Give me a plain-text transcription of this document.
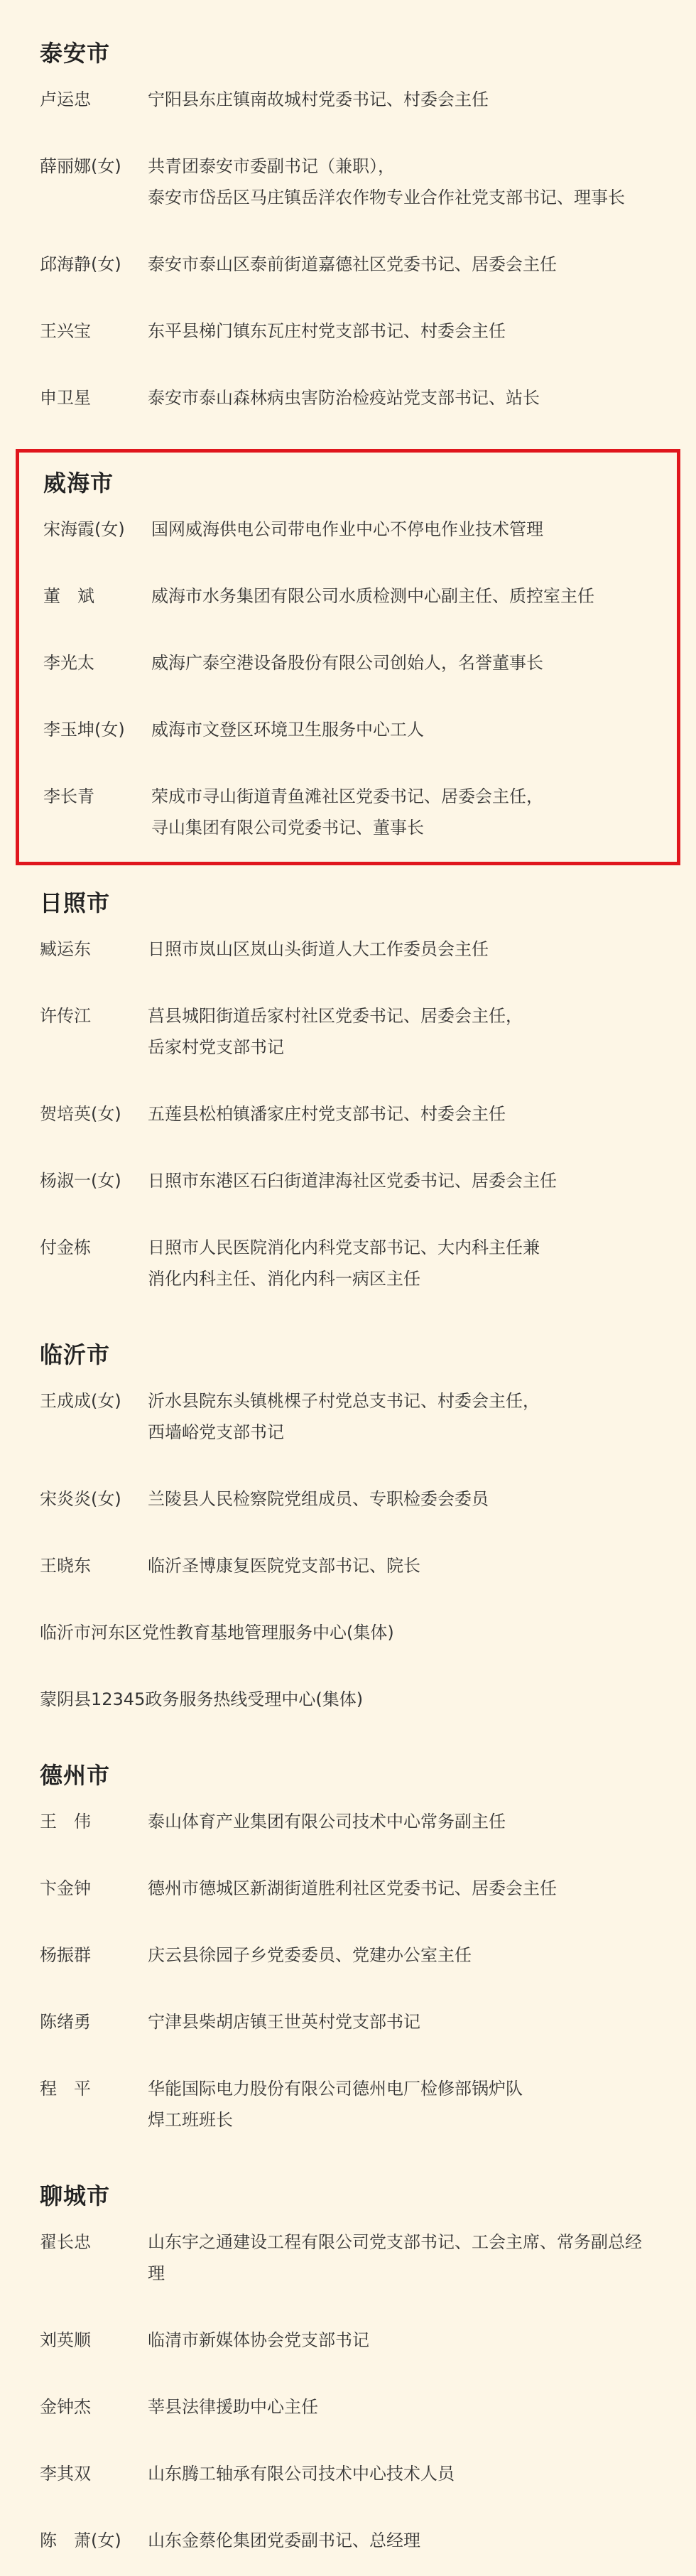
泰安市
卢运忠	宁阳县东庄镇南故城村党委书记、村委会主任
薛丽娜(女)	共青团泰安市委副书记（兼职），
泰安市岱岳区马庄镇岳洋农作物专业合作社党支部书记、理事长
邱海静(女)	泰安市泰山区泰前街道嘉德社区党委书记、居委会主任
王兴宝	东平县梯门镇东瓦庄村党支部书记、村委会主任
申卫星	泰安市泰山森林病虫害防治检疫站党支部书记、站长
威海市
宋海霞(女)	国网威海供电公司带电作业中心不停电作业技术管理
董　斌	威海市水务集团有限公司水质检测中心副主任、质控室主任
李光太	威海广泰空港设备股份有限公司创始人，名誉董事长
李玉坤(女)	威海市文登区环境卫生服务中心工人
李长青	荣成市寻山街道青鱼滩社区党委书记、居委会主任，
寻山集团有限公司党委书记、董事长
日照市
臧运东	日照市岚山区岚山头街道人大工作委员会主任
许传江	莒县城阳街道岳家村社区党委书记、居委会主任，
岳家村党支部书记
贺培英(女)	五莲县松柏镇潘家庄村党支部书记、村委会主任
杨淑一(女)	日照市东港区石臼街道津海社区党委书记、居委会主任
付金栋	日照市人民医院消化内科党支部书记、大内科主任兼
消化内科主任、消化内科一病区主任
临沂市
王成成(女)	沂水县院东头镇桃棵子村党总支书记、村委会主任，
西墙峪党支部书记
宋炎炎(女)	兰陵县人民检察院党组成员、专职检委会委员
王晓东	临沂圣博康复医院党支部书记、院长
临沂市河东区党性教育基地管理服务中心(集体)
蒙阴县12345政务服务热线受理中心(集体)
德州市
王　伟	泰山体育产业集团有限公司技术中心常务副主任
卞金钟	德州市德城区新湖街道胜利社区党委书记、居委会主任
杨振群	庆云县徐园子乡党委委员、党建办公室主任
陈绪勇	宁津县柴胡店镇王世英村党支部书记
程　平	华能国际电力股份有限公司德州电厂检修部锅炉队
焊工班班长
聊城市
翟长忠	山东宇之通建设工程有限公司党支部书记、工会主席、常务副总经理
刘英顺	临清市新媒体协会党支部书记
金钟杰	莘县法律援助中心主任
李其双	山东腾工轴承有限公司技术中心技术人员
陈　萧(女)	山东金蔡伦集团党委副书记、总经理
